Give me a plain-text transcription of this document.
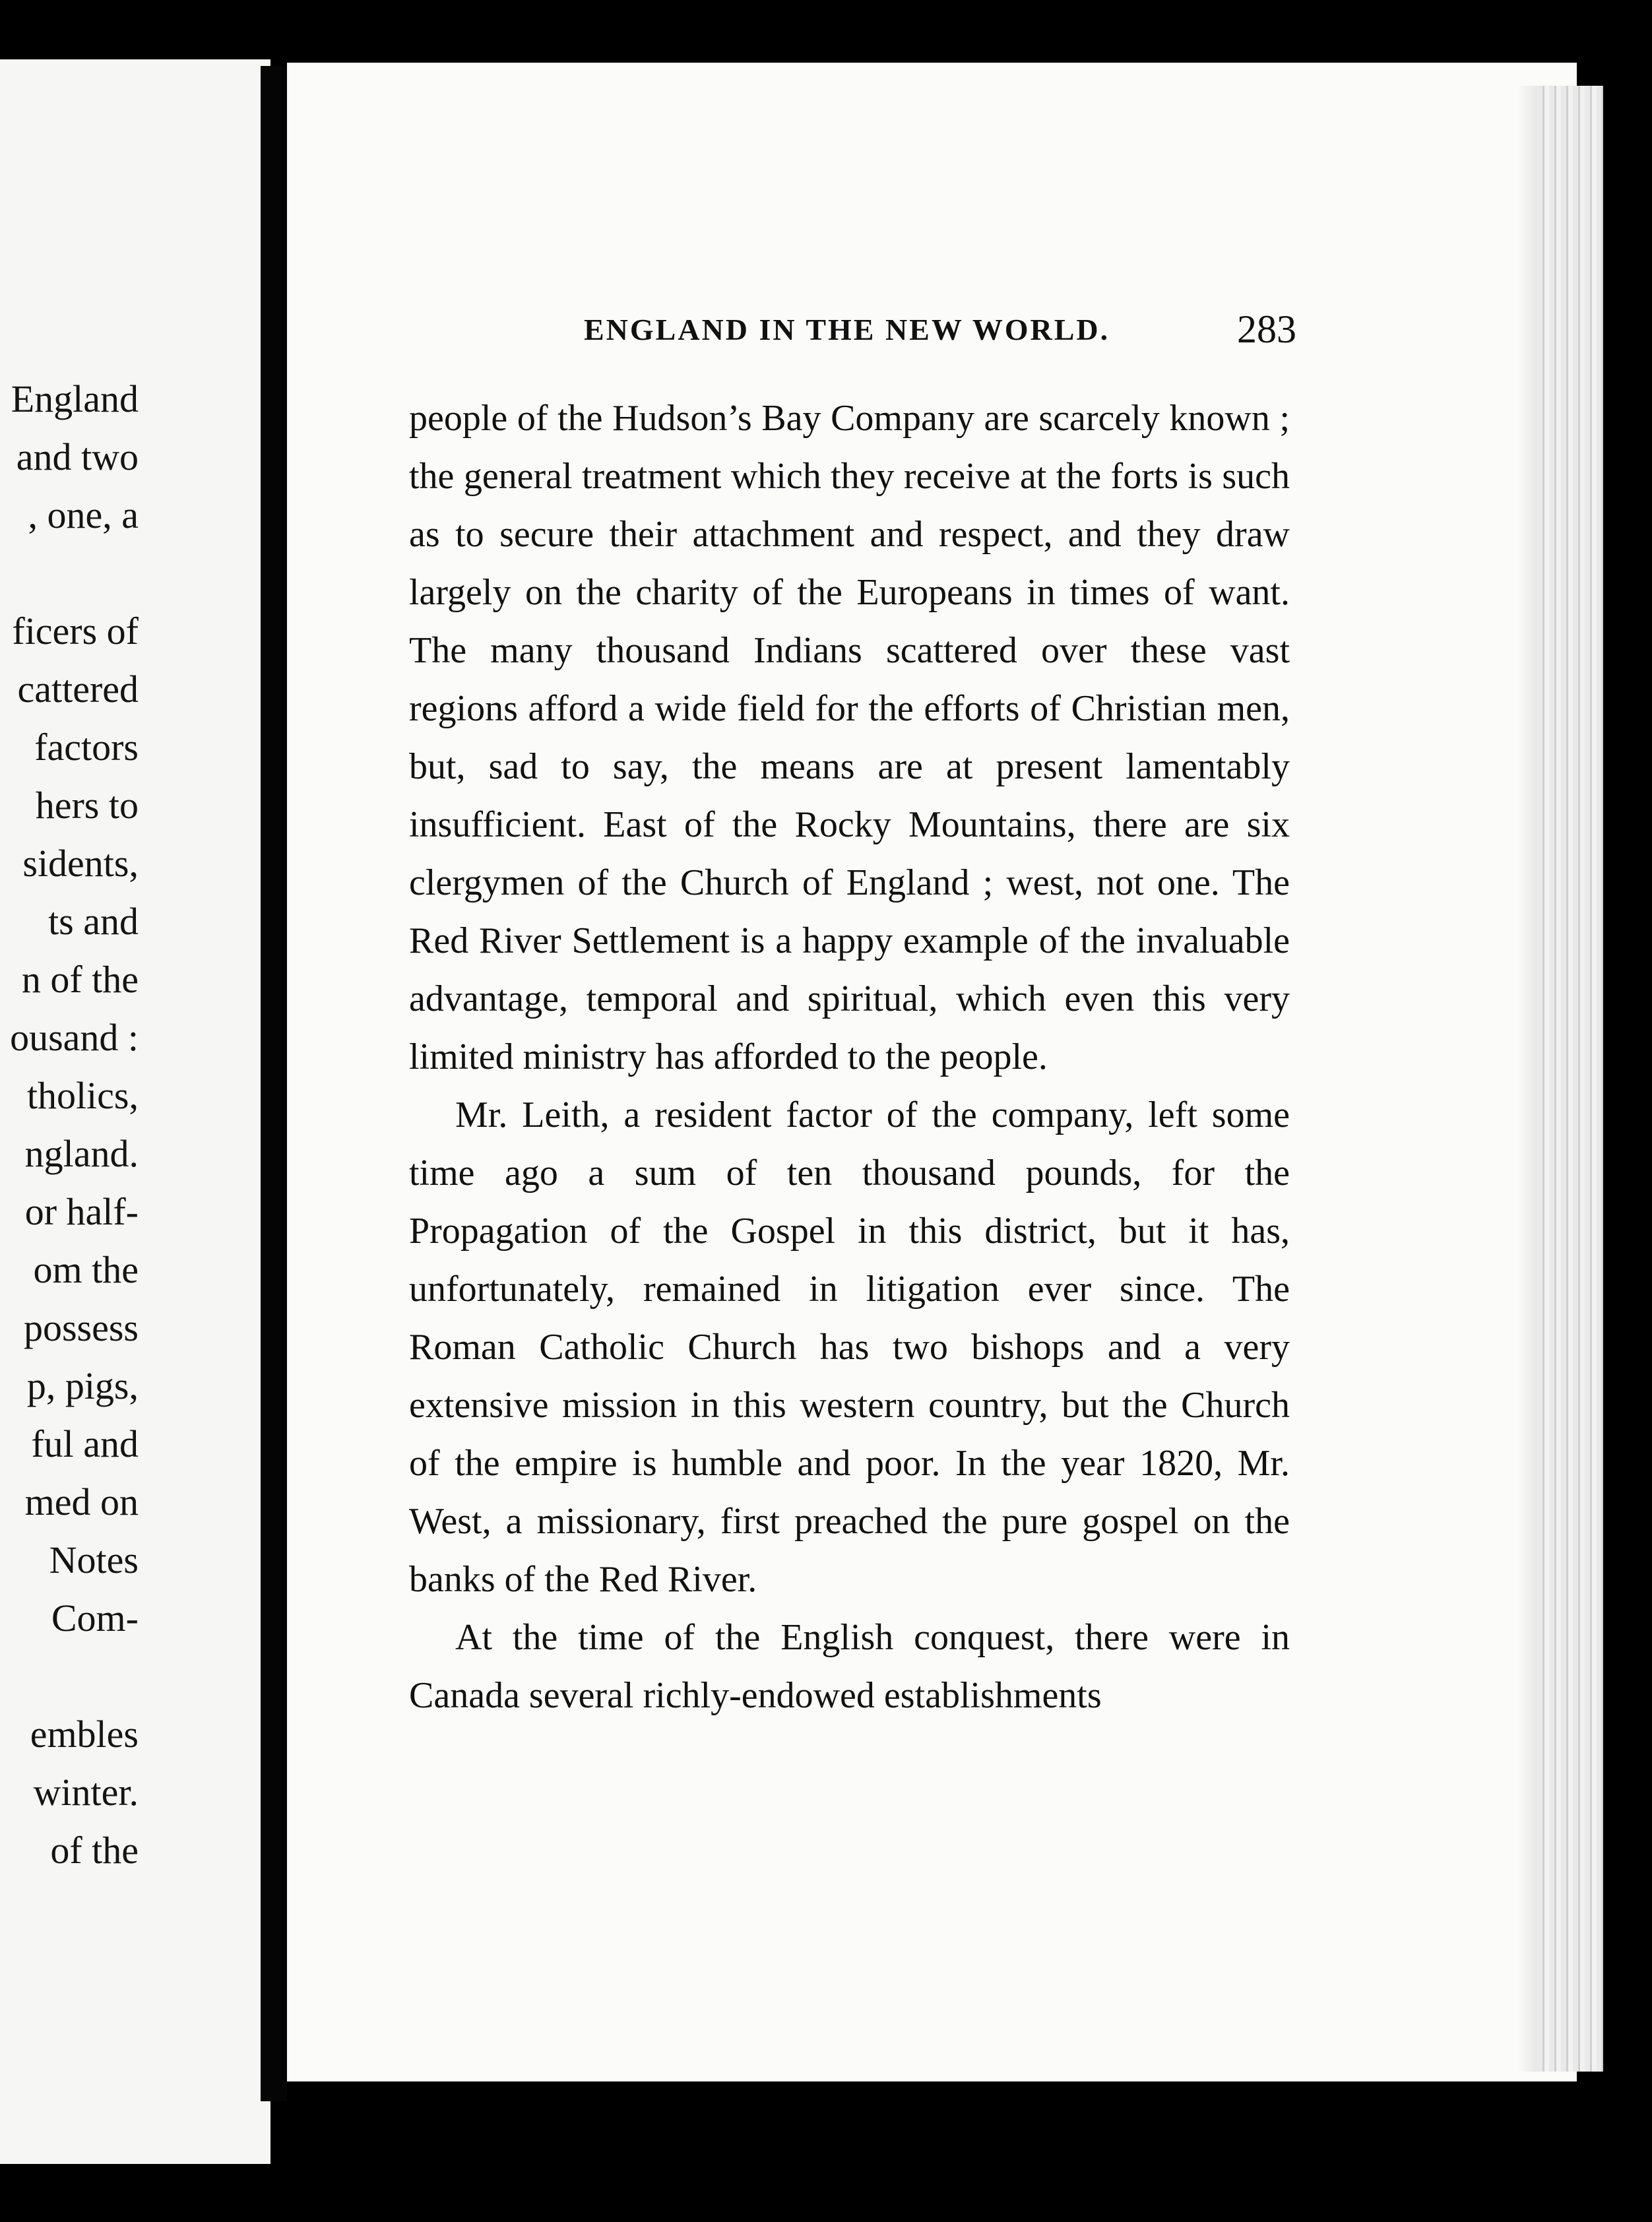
England
and two
, one, a
ficers of
cattered
factors
hers to
sidents,
ts and
n of the
ousand :
tholics,
ngland.
or half-
om the
possess
p, pigs,
ful and
med on
Notes
Com-
embles
winter.
of the
ENGLAND IN THE NEW WORLD.	283

people of the Hudson’s Bay Company are scarcely known ; the general treatment which they receive at the forts is such as to secure their attachment and respect, and they draw largely on the charity of the Europeans in times of want. The many thousand Indians scattered over these vast regions afford a wide field for the efforts of Christian men, but, sad to say, the means are at present lamentably insufficient. East of the Rocky Mountains, there are six clergymen of the Church of England ; west, not one. The Red River Settlement is a happy example of the invaluable advantage, temporal and spiritual, which even this very limited ministry has afforded to the people.

Mr. Leith, a resident factor of the company, left some time ago a sum of ten thousand pounds, for the Propagation of the Gospel in this district, but it has, unfortunately, remained in litigation ever since. The Roman Catholic Church has two bishops and a very extensive mission in this western country, but the Church of the empire is humble and poor. In the year 1820, Mr. West, a missionary, first preached the pure gospel on the banks of the Red River.

At the time of the English conquest, there were in Canada several richly-endowed establishments
